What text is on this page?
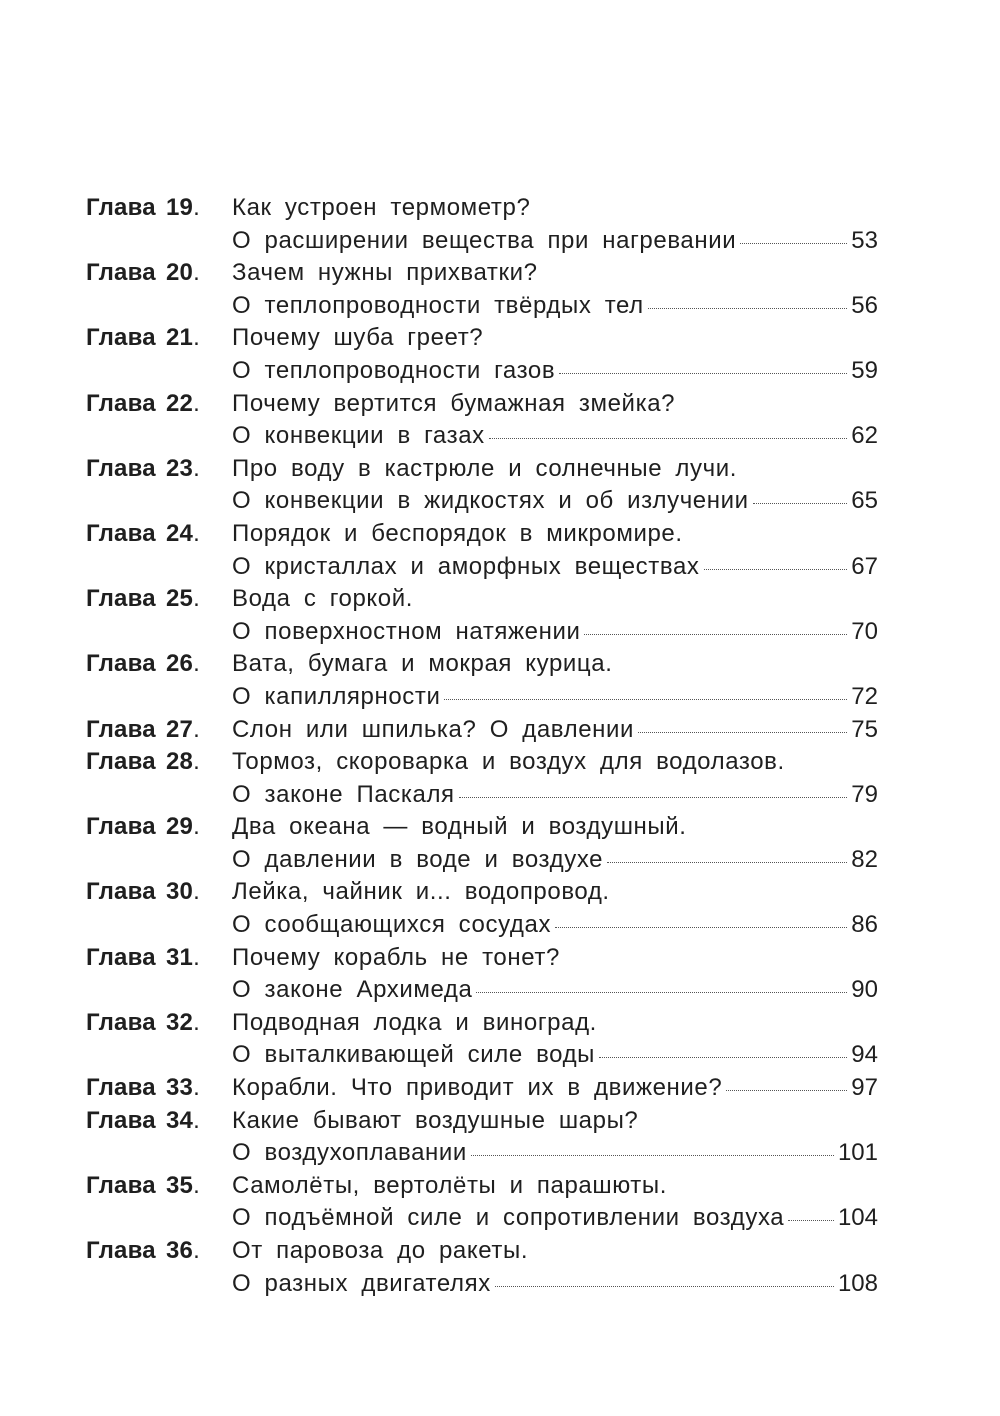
Глава 19.	Как устроен термометр?
О расширении вещества при нагревании	53
Глава 20.	Зачем нужны прихватки?
О теплопроводности твёрдых тел	56
Глава 21.	Почему шуба греет?
О теплопроводности газов	59
Глава 22.	Почему вертится бумажная змейка?
О конвекции в газах	62
Глава 23.	Про воду в кастрюле и солнечные лучи.
О конвекции в жидкостях и об излучении	65
Глава 24.	Порядок и беспорядок в микромире.
О кристаллах и аморфных веществах	67
Глава 25.	Вода с горкой.
О поверхностном натяжении	70
Глава 26.	Вата, бумага и мокрая курица.
О капиллярности	72
Глава 27.	Слон или шпилька? О давлении	75
Глава 28.	Тормоз, скороварка и воздух для водолазов.
О законе Паскаля	79
Глава 29.	Два океана — водный и воздушный.
О давлении в воде и воздухе	82
Глава 30.	Лейка, чайник и... водопровод.
О сообщающихся сосудах	86
Глава 31.	Почему корабль не тонет?
О законе Архимеда	90
Глава 32.	Подводная лодка и виноград.
О выталкивающей силе воды	94
Глава 33.	Корабли. Что приводит их в движение?	97
Глава 34.	Какие бывают воздушные шары?
О воздухоплавании	101
Глава 35.	Самолёты, вертолёты и парашюты.
О подъёмной силе и сопротивлении воздуха 104
Глава 36.	От паровоза до ракеты.
О разных двигателях	108
